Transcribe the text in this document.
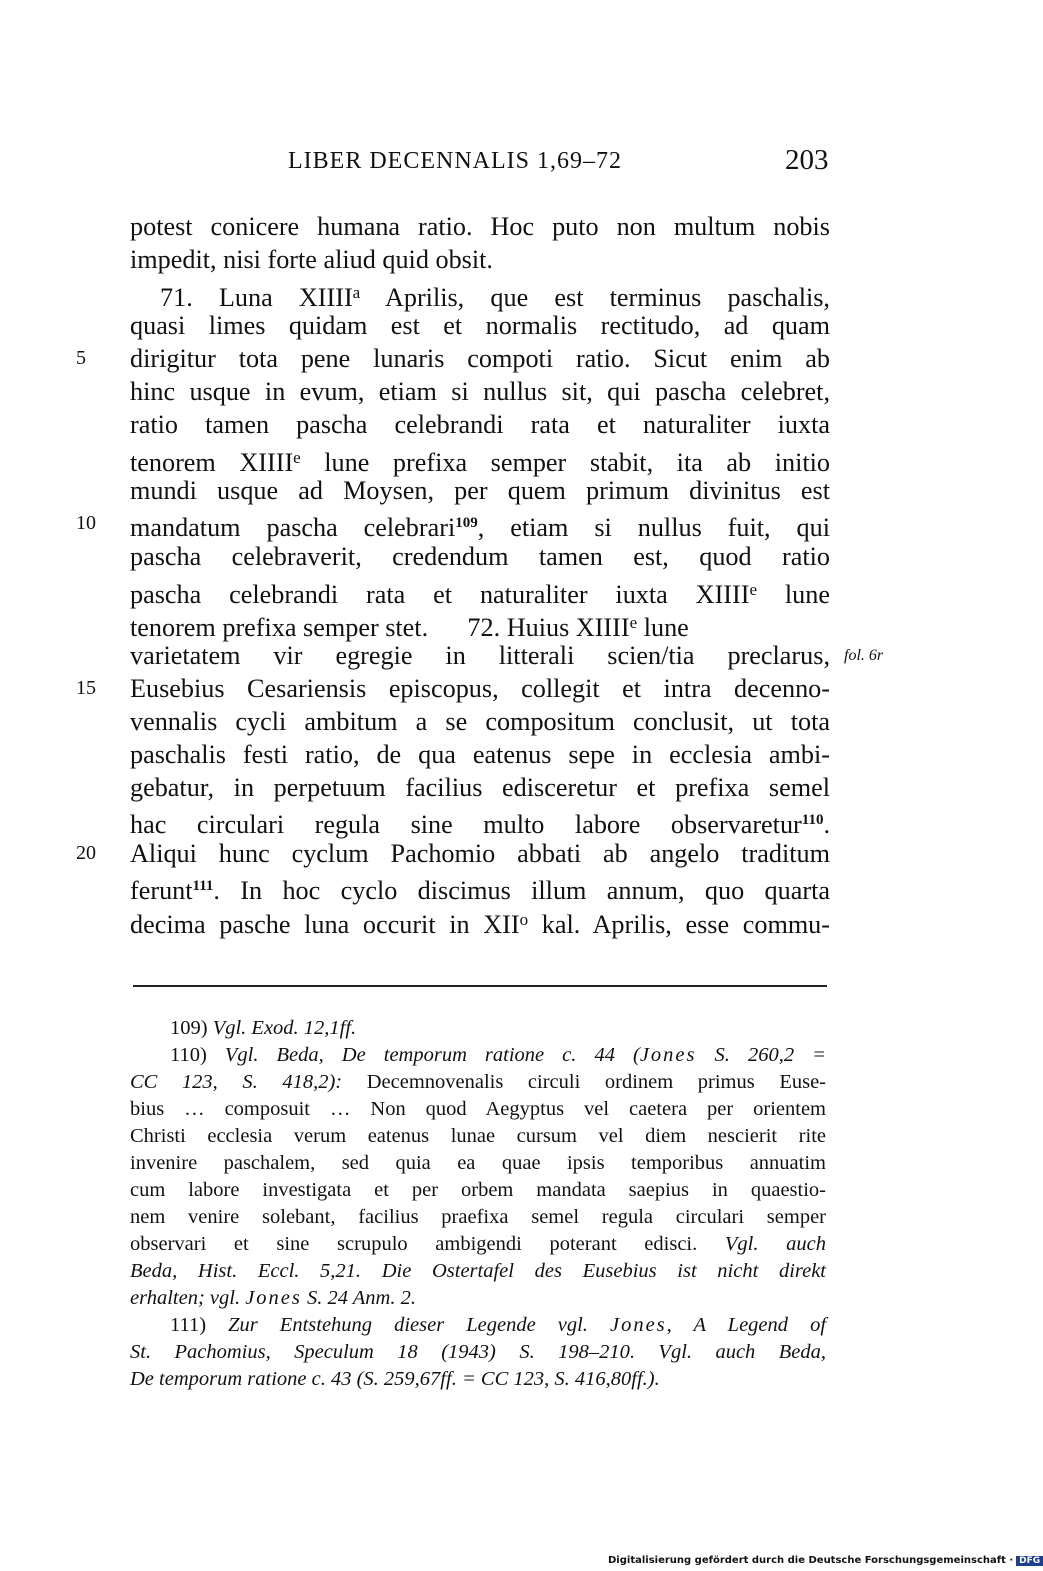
LIBER DECENNALIS 1,69–72	203
potest conicere humana ratio. Hoc puto non multum nobis
impedit, nisi forte aliud quid obsit.
71. Luna XIIII$^a$ Aprilis, que est terminus paschalis,
quasi limes quidam est et normalis rectitudo, ad quam
dirigitur tota pene lunaris compoti ratio. Sicut enim ab
hinc usque in evum, etiam si nullus sit, qui pascha celebret,
ratio tamen pascha celebrandi rata et naturaliter iuxta
tenorem XIIIIe lune prefixa semper stabit, ita ab initio
mundi usque ad Moysen, per quem primum divinitus est
mandatum pascha celebrari$^{109}$, etiam si nullus fuit, qui
pascha celebraverit, credendum tamen est, quod ratio
pascha celebrandi rata et naturaliter iuxta XIIIIe lune
tenorem prefixa semper stet.      72. Huius XIIIIe lune
varietatem vir egregie in litterali scien/tia preclarus,
Eusebius Cesariensis episcopus, collegit et intra decenno-
vennalis cycli ambitum a se compositum conclusit, ut tota
paschalis festi ratio, de qua eatenus sepe in ecclesia ambi-
gebatur, in perpetuum facilius edisceretur et prefixa semel
hac circulari regula sine multo labore observaretur$^{110}$.
Aliqui hunc cyclum Pachomio abbati ab angelo traditum
ferunt$^{111}$. In hoc cyclo discimus illum annum, quo quarta
decima pasche luna occurit in XII$^o$ kal. Aprilis, esse commu-
5
10
15
20
fol. 6r
109) Vgl. Exod. 12,1ff.
110) Vgl. Beda, De temporum ratione c. 44 (Jones S. 260,2 =
CC 123, S. 418,2): Decemnovenalis circuli ordinem primus Euse-
bius … composuit … Non quod Aegyptus vel caetera per orientem
Christi ecclesia verum eatenus lunae cursum vel diem nescierit rite
invenire paschalem, sed quia ea quae ipsis temporibus annuatim
cum labore investigata et per orbem mandata saepius in quaestio-
nem venire solebant, facilius praefixa semel regula circulari semper
observari et sine scrupulo ambigendi poterant edisci. Vgl. auch
Beda, Hist. Eccl. 5,21. Die Ostertafel des Eusebius ist nicht direkt
erhalten; vgl. Jones S. 24 Anm. 2.
111) Zur Entstehung dieser Legende vgl. Jones, A Legend of
St. Pachomius, Speculum 18 (1943) S. 198–210. Vgl. auch Beda,
De temporum ratione c. 43 (S. 259,67ff. = CC 123, S. 416,80ff.).
Digitalisierung gefördert durch die Deutsche Forschungsgemeinschaft · DFG
